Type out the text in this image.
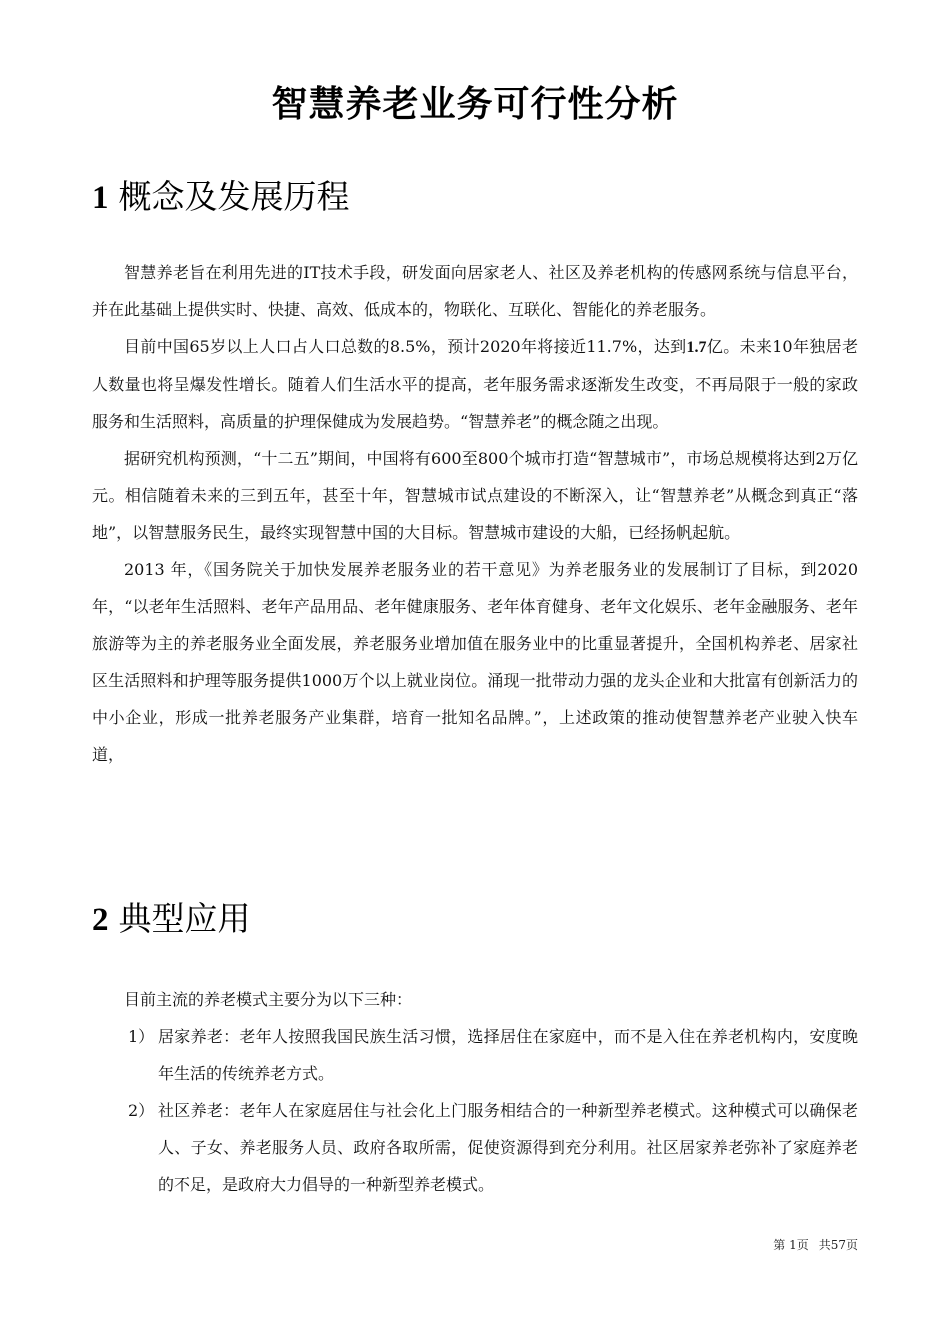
智慧养老业务可行性分析
1 概念及发展历程

智慧养老旨在利用先进的IT技术手段，研发面向居家老人、社区及养老机构的传感网系统与信息平台，并在此基础上提供实时、快捷、高效、低成本的，物联化、互联化、智能化的养老服务。

目前中国65岁以上人口占人口总数的8.5%，预计2020年将接近11.7%，达到1.7亿。未来10年独居老人数量也将呈爆发性增长。随着人们生活水平的提高，老年服务需求逐渐发生改变，不再局限于一般的家政服务和生活照料，高质量的护理保健成为发展趋势。“智慧养老”的概念随之出现。

据研究机构预测，“十二五”期间，中国将有600至800个城市打造“智慧城市”，市场总规模将达到2万亿元。相信随着未来的三到五年，甚至十年，智慧城市试点建设的不断深入，让“智慧养老”从概念到真正“落地”，以智慧服务民生，最终实现智慧中国的大目标。智慧城市建设的大船，已经扬帆起航。

2013 年，《国务院关于加快发展养老服务业的若干意见》为养老服务业的发展制订了目标，到2020年，“以老年生活照料、老年产品用品、老年健康服务、老年体育健身、老年文化娱乐、老年金融服务、老年旅游等为主的养老服务业全面发展，养老服务业增加值在服务业中的比重显著提升，全国机构养老、居家社区生活照料和护理等服务提供1000万个以上就业岗位。涌现一批带动力强的龙头企业和大批富有创新活力的中小企业，形成一批养老服务产业集群，培育一批知名品牌。”，上述政策的推动使智慧养老产业驶入快车道，

2 典型应用

目前主流的养老模式主要分为以下三种：

1） 居家养老：老年人按照我国民族生活习惯，选择居住在家庭中，而不是入住在养老机构内，安度晚年生活的传统养老方式。
2） 社区养老：老年人在家庭居住与社会化上门服务相结合的一种新型养老模式。这种模式可以确保老人、子女、养老服务人员、政府各取所需，促使资源得到充分利用。社区居家养老弥补了家庭养老的不足，是政府大力倡导的一种新型养老模式。
第 1页 共57页
